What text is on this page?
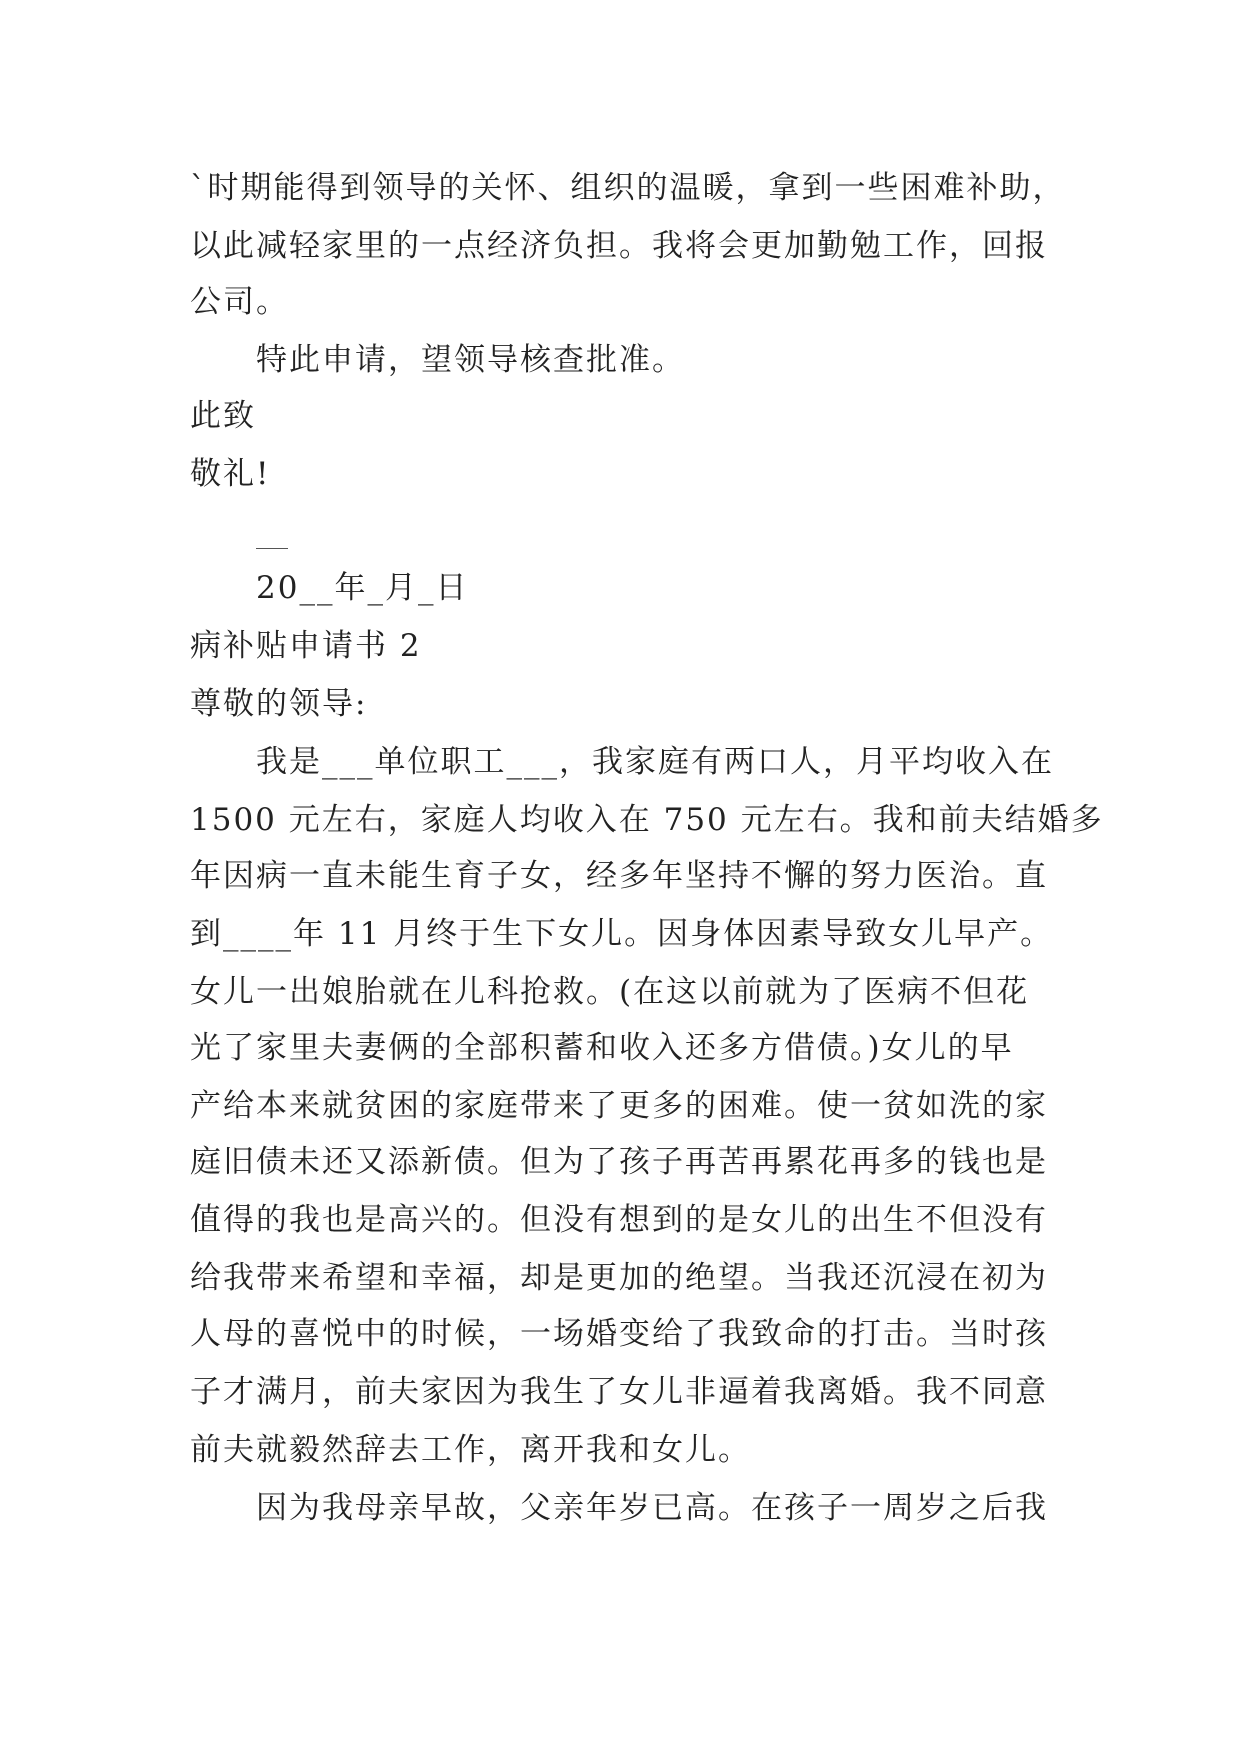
`时期能得到领导的关怀、组织的温暖，拿到一些困难补助，
以此减轻家里的一点经济负担。我将会更加勤勉工作，回报
公司。
特此申请，望领导核查批准。
此致
敬礼!
20__年_月_日
病补贴申请书 2
尊敬的领导:
我是___单位职工___，我家庭有两口人，月平均收入在
1500 元左右，家庭人均收入在 750 元左右。我和前夫结婚多
年因病一直未能生育子女，经多年坚持不懈的努力医治。直
到____年 11 月终于生下女儿。因身体因素导致女儿早产。
女儿一出娘胎就在儿科抢救。(在这以前就为了医病不但花
光了家里夫妻俩的全部积蓄和收入还多方借债。)女儿的早
产给本来就贫困的家庭带来了更多的困难。使一贫如洗的家
庭旧债未还又添新债。但为了孩子再苦再累花再多的钱也是
值得的我也是高兴的。但没有想到的是女儿的出生不但没有
给我带来希望和幸福，却是更加的绝望。当我还沉浸在初为
人母的喜悦中的时候，一场婚变给了我致命的打击。当时孩
子才满月，前夫家因为我生了女儿非逼着我离婚。我不同意
前夫就毅然辞去工作，离开我和女儿。
因为我母亲早故，父亲年岁已高。在孩子一周岁之后我
